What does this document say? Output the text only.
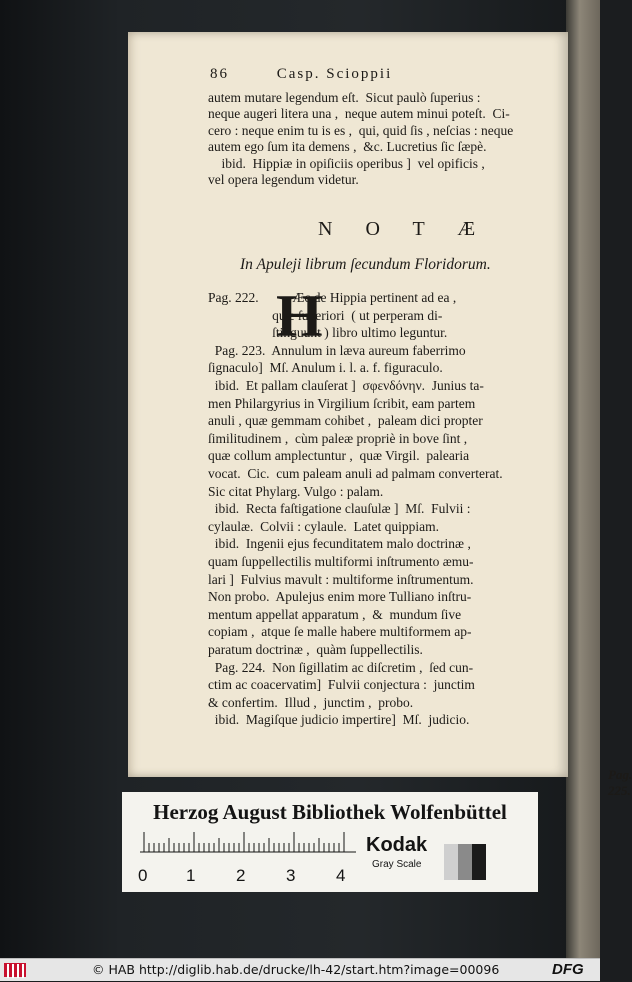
86	Casp. Scioppii
autem mutare legendum eſt.  Sicut paulò ſuperius :
neque augeri litera una ,  neque autem minui poteſt.  Ci-
cero : neque enim tu is es ,  qui, quid ſis , neſcias : neque
autem ego ſum ita demens ,  &c. Lucretius ſic ſæpè.
ibid.  Hippiæ in opiſiciis operibus ]  vel opificis ,
vel opera legendum videtur.
N O T Æ
In Apuleji librum ſecundum Floridorum.
H
Pag. 222.          Æc de Hippia pertinent ad ea ,
quæ ſuperiori  ( ut perperam di-
ſtinguunt ) libro ultimo leguntur.
Pag. 223.  Annulum in læva aureum faberrimo
ſignaculo]  Mſ. Anulum i. l. a. f. figuraculo.
ibid.  Et pallam clauſerat ]  σφενδόνην.  Junius ta-
men Philargyrius in Virgilium ſcribit, eam partem
anuli , quæ gemmam cohibet ,  paleam dici propter
ſimilitudinem ,  cùm paleæ propriè in bove ſint ,
quæ collum amplectuntur ,  quæ Virgil.  palearia
vocat.  Cic.  cum paleam anuli ad palmam converterat.
Sic citat Phylarg. Vulgo : palam.
ibid.  Recta faſtigatione clauſulæ ]  Mſ.  Fulvii :
cylaulæ.  Colvii : cylaule.  Latet quippiam.
ibid.  Ingenii ejus fecunditatem malo doctrinæ ,
quam ſuppellectilis multiformi inſtrumento æmu-
lari ]  Fulvius mavult : multiforme inſtrumentum.
Non probo.  Apulejus enim more Tulliano inſtru-
mentum appellat apparatum ,  &  mundum ſive
copiam ,  atque ſe malle habere multiformem ap-
paratum doctrinæ ,  quàm ſuppellectilis.
Pag. 224.  Non ſigillatim ac diſcretim ,  ſed cun-
ctim ac coacervatim]  Fulvii conjectura :  junctim
& confertim.  Illud ,  junctim ,  probo.
ibid.  Magiſque judicio impertire]  Mſ.  judicio.
Pag. 225.
Herzog August Bibliothek Wolfenbüttel
0 1 2 3 4
Kodak
Gray Scale
© HAB http://diglib.hab.de/drucke/lh-42/start.htm?image=00096	DFG
